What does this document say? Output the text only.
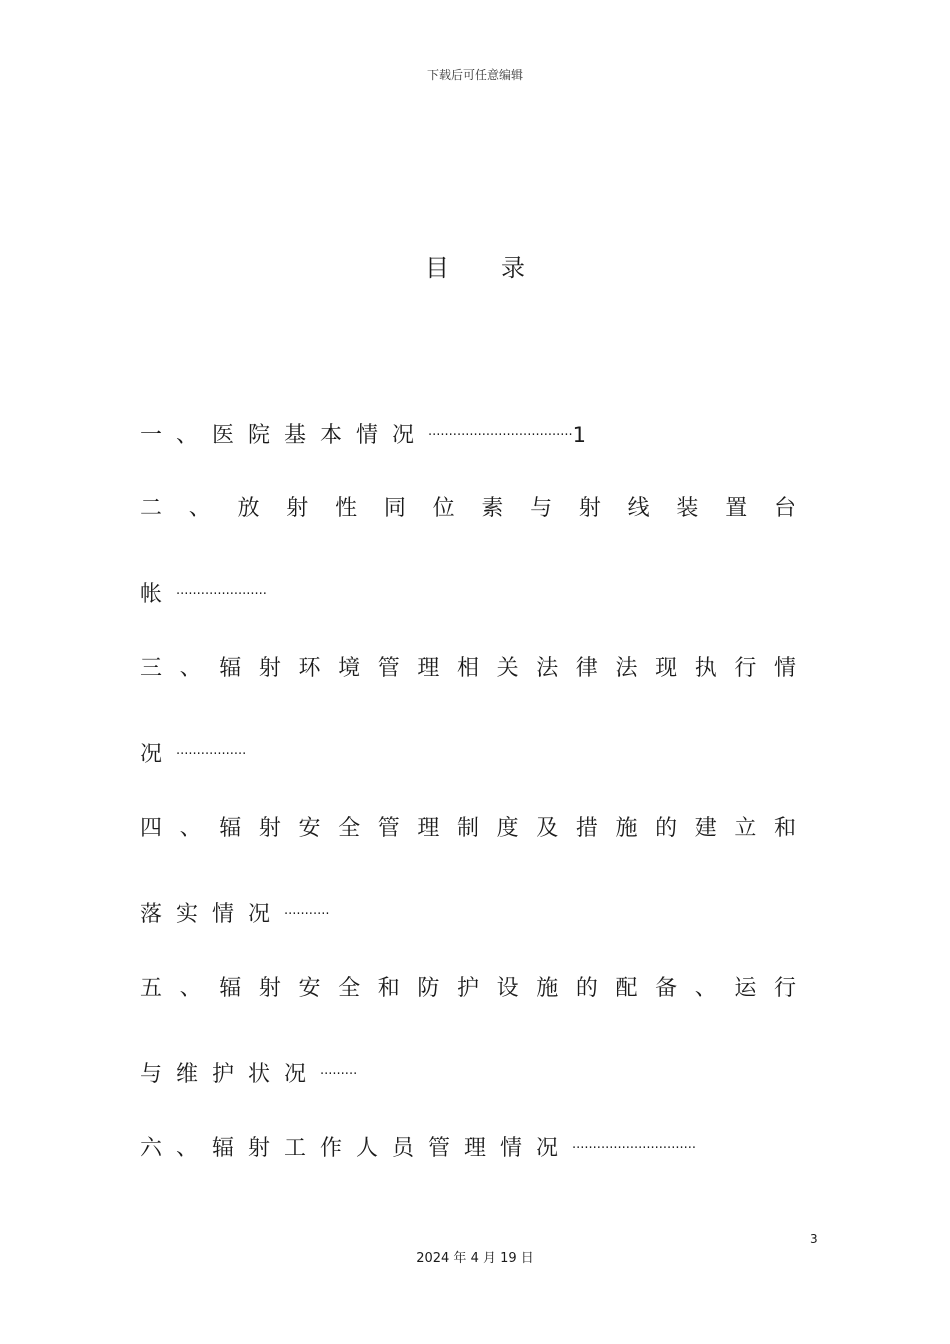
下载后可任意编辑
目录
一、医院基本情况···································1
二 、 放 射 性 同 位 素 与 射 线 装 置 台
帐······················
三 、 辐 射 环 境 管 理 相 关 法 律 法 现 执 行 情
况·················
四 、 辐 射 安 全 管 理 制 度 及 措 施 的 建 立 和
落实情况···········
五 、 辐 射 安 全 和 防 护 设 施 的 配 备 、 运 行
与维护状况·········
六、辐射工作人员管理情况······························
3
2024 年 4 月 19 日
